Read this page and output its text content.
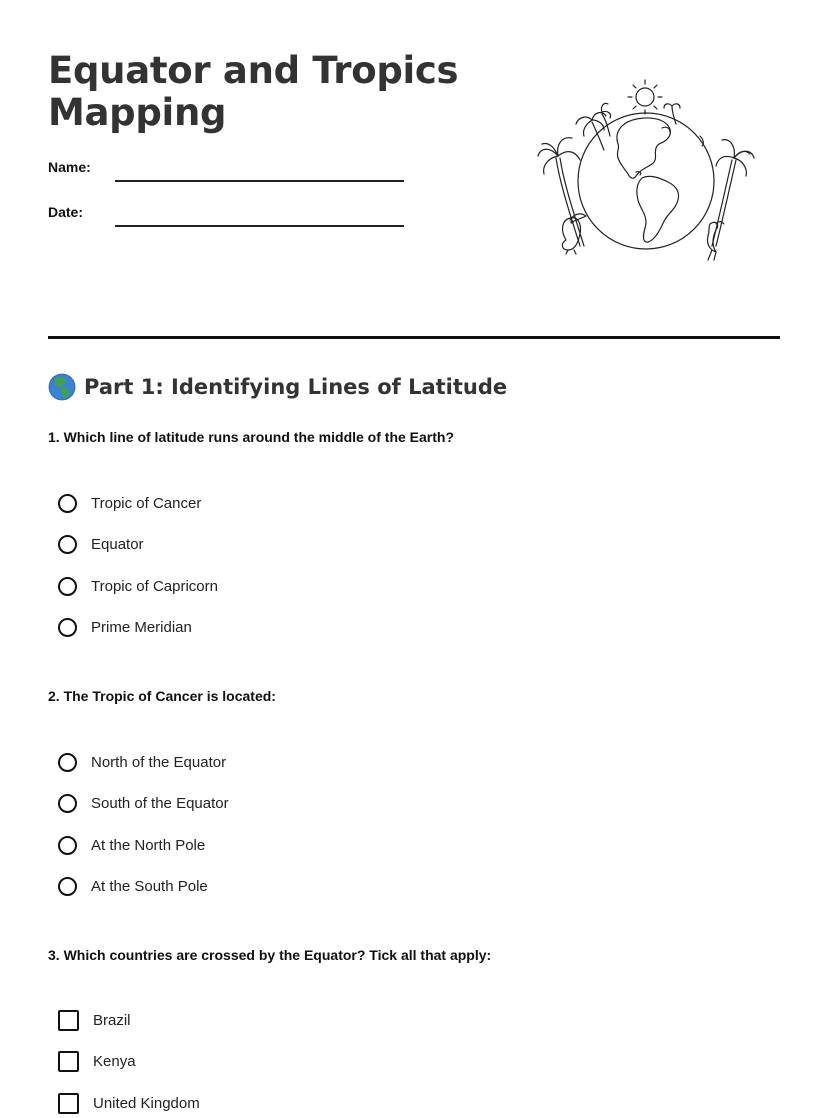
Equator and Tropics Mapping
Name:
Date:
Part 1: Identifying Lines of Latitude
1. Which line of latitude runs around the middle of the Earth?
Tropic of Cancer
Equator
Tropic of Capricorn
Prime Meridian
2. The Tropic of Cancer is located:
North of the Equator
South of the Equator
At the North Pole
At the South Pole
3. Which countries are crossed by the Equator? Tick all that apply:
Brazil
Kenya
United Kingdom
